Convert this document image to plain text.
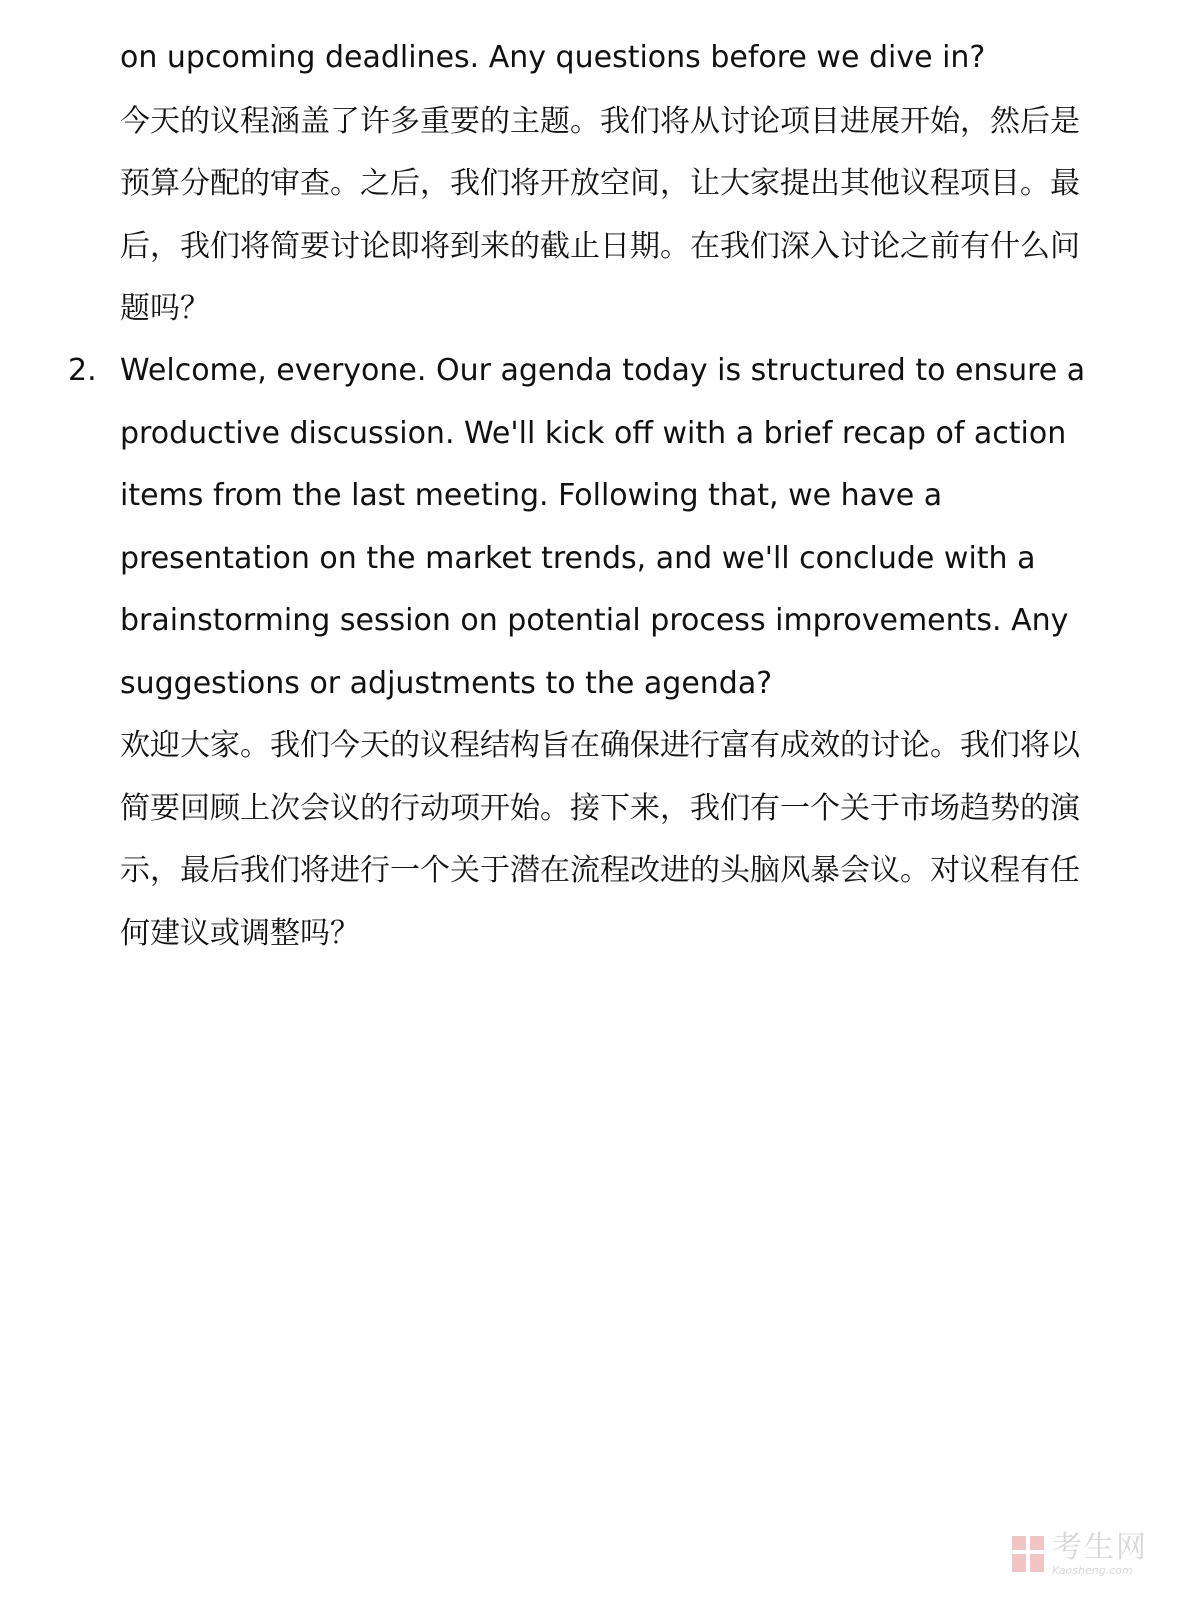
on upcoming deadlines. Any questions before we dive in?
今天的议程涵盖了许多重要的主题。我们将从讨论项目进展开始，然后是
预算分配的审查。之后，我们将开放空间，让大家提出其他议程项目。最
后，我们将简要讨论即将到来的截止日期。在我们深入讨论之前有什么问
题吗？
2. Welcome, everyone. Our agenda today is structured to ensure a
productive discussion. We'll kick off with a brief recap of action
items from the last meeting. Following that, we have a
presentation on the market trends, and we'll conclude with a
brainstorming session on potential process improvements. Any
suggestions or adjustments to the agenda?
欢迎大家。我们今天的议程结构旨在确保进行富有成效的讨论。我们将以
简要回顾上次会议的行动项开始。接下来，我们有一个关于市场趋势的演
示，最后我们将进行一个关于潜在流程改进的头脑风暴会议。对议程有任
何建议或调整吗？
考生网
Kaosheng.com
